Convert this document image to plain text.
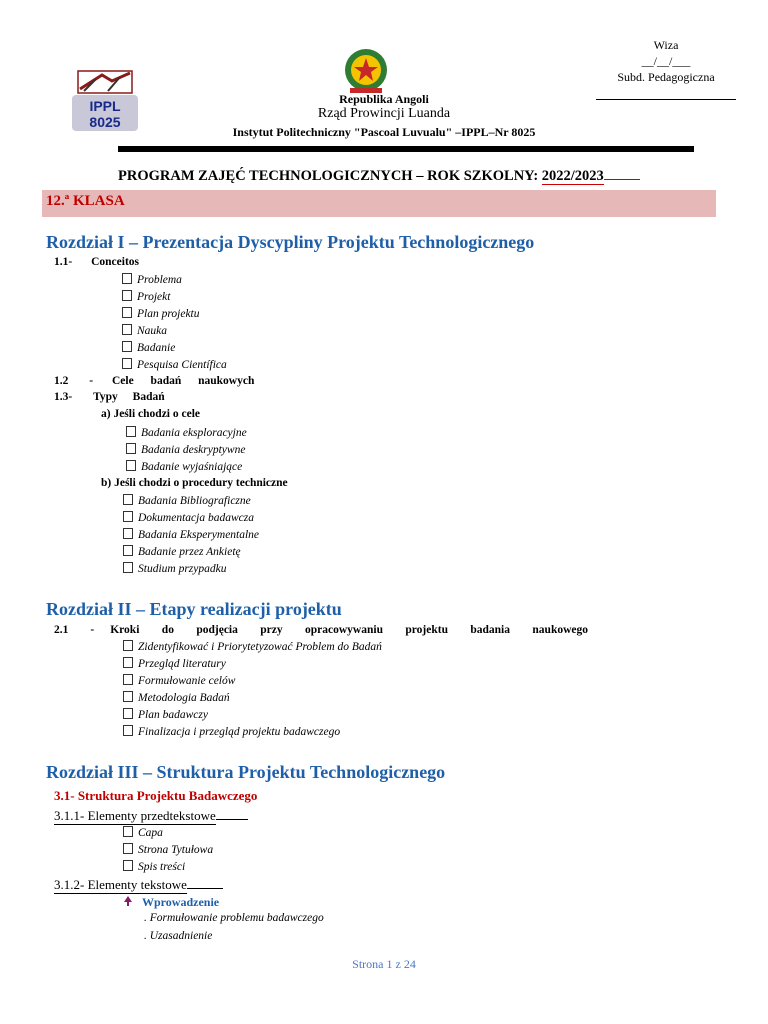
IPPL
8025
Republika Angoli
Rząd Prowincji Luanda
Instytut Politechniczny "Pascoal Luvualu" –IPPL–Nr 8025
Wiza
__/__/___
Subd. Pedagogiczna
PROGRAM ZAJĘĆ TECHNOLOGICZNYCH – ROK SZKOLNY: 2022/2023
12.ª KLASA
Rozdział I – Prezentacja Dyscypliny Projektu Technologicznego
1.1- Conceitos
Problema
Projekt
Plan projektu
Nauka
Badanie
Pesquisa Científica
1.2 - Cele badań naukowych
1.3- Typy Badań
a) Jeśli chodzi o cele
Badania eksploracyjne
Badania deskryptywne
Badanie wyjaśniające
b) Jeśli chodzi o procedury techniczne
Badania Bibliograficzne
Dokumentacja badawcza
Badania Eksperymentalne
Badanie przez Ankietę
Studium przypadku
Rozdział II – Etapy realizacji projektu
2.1 - Kroki do podjęcia przy opracowywaniu projektu badania naukowego
Zidentyfikować i Priorytetyzować Problem do Badań
Przegląd literatury
Formułowanie celów
Metodologia Badań
Plan badawczy
Finalizacja i przegląd projektu badawczego
Rozdział III – Struktura Projektu Technologicznego
3.1- Struktura Projektu Badawczego
3.1.1- Elementy przedtekstowe
Capa
Strona Tytułowa
Spis treści
3.1.2- Elementy tekstowe
Wprowadzenie
. Formułowanie problemu badawczego
. Uzasadnienie
Strona 1 z 24
